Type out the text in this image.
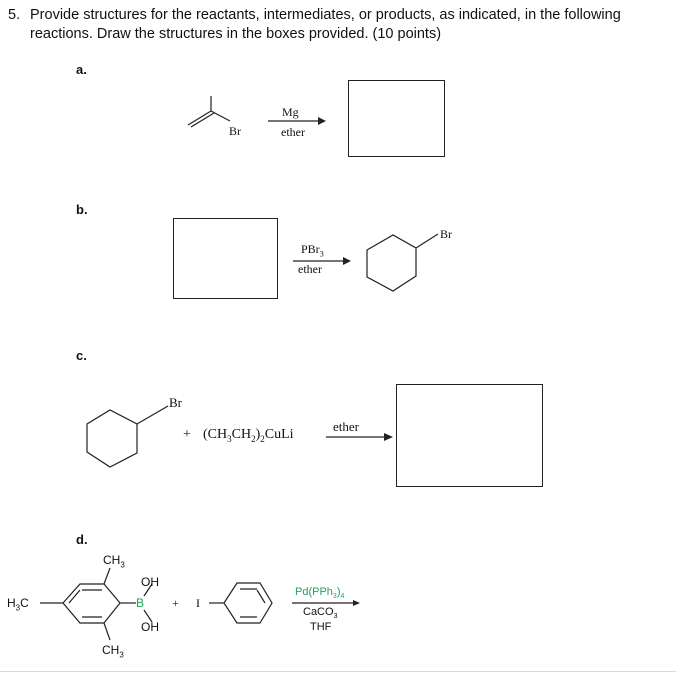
5. Provide structures for the reactants, intermediates, or products, as indicated, in the following reactions. Draw the structures in the boxes provided. (10 points)
a.
b.
c.
d.
Br
Mg
ether
PBr$_3$
ether
Br
Br
+ $(CH_3CH_2)_2CuLi$
ether
$CH_3$
$CH_3$
$H_3C$	B
OH
OH
+ I
$Pd(PPh_3)_4$
CaCO$_3$
THF
